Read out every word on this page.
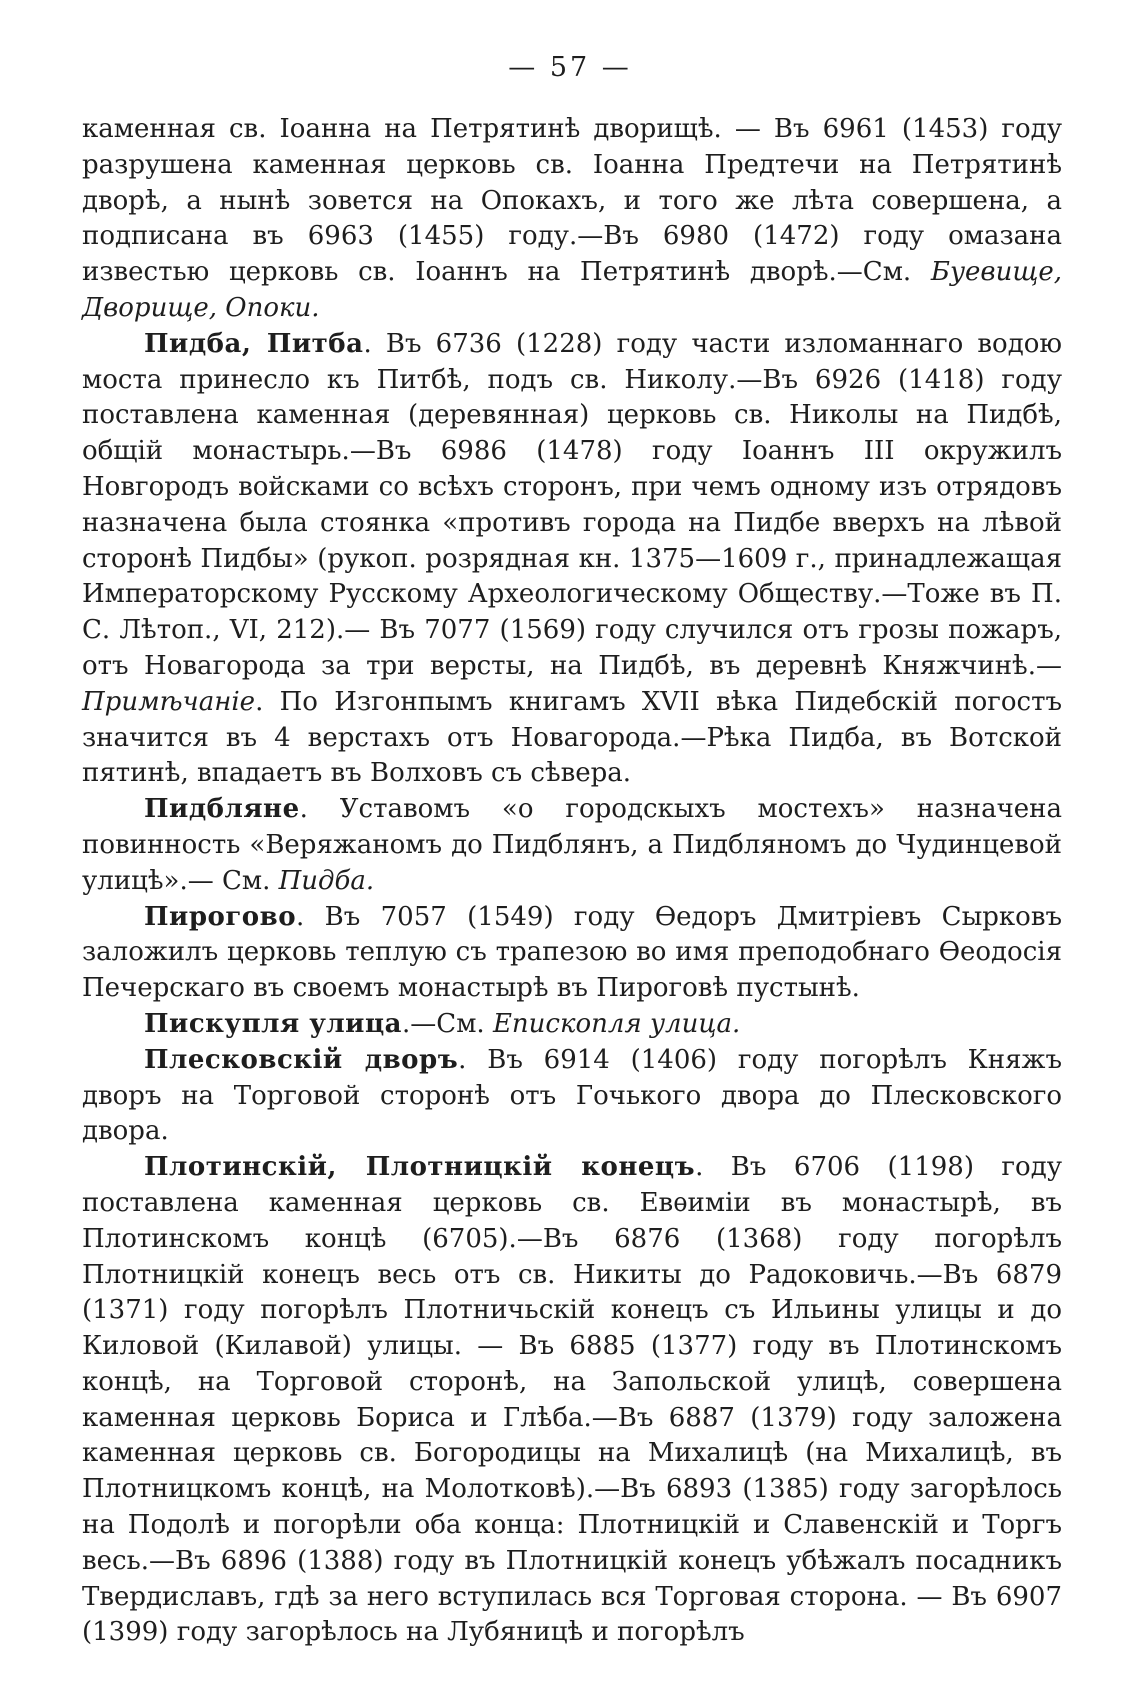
— 57 —

каменная св. Іоанна на Петрятинѣ дворищѣ. — Въ 6961 (1453) году разрушена каменная церковь св. Іоанна Предтечи на Петрятинѣ дворѣ, а нынѣ зовется на Опокахъ, и того же лѣта совершена, а подписана въ 6963 (1455) году.—Въ 6980 (1472) году омазана известью церковь св. Іоаннъ на Петрятинѣ дворѣ.—См. Буевище, Дворище, Опоки.

Пидба, Питба. Въ 6736 (1228) году части изломаннаго водою моста принесло къ Питбѣ, подъ св. Николу.—Въ 6926 (1418) году поставлена каменная (деревянная) церковь св. Николы на Пидбѣ, общій монастырь.—Въ 6986 (1478) году Іоаннъ III окружилъ Новгородъ войсками со всѣхъ сторонъ, при чемъ одному изъ отрядовъ назначена была стоянка «противъ города на Пидбе вверхъ на лѣвой сторонѣ Пидбы» (рукоп. розрядная кн. 1375—1609 г., принадлежащая Императорскому Русскому Археологическому Обществу.—Тоже въ П. С. Лѣтоп., VI, 212).— Въ 7077 (1569) году случился отъ грозы пожаръ, отъ Новагорода за три версты, на Пидбѣ, въ деревнѣ Княжчинѣ.—Примѣчаніе. По Изгонпымъ книгамъ XVII вѣка Пидебскій погостъ значится въ 4 верстахъ отъ Новагорода.—Рѣка Пидба, въ Вотской пятинѣ, впадаетъ въ Волховъ съ сѣвера.

Пидбляне. Уставомъ «о городскыхъ мостехъ» назначена повинность «Веряжаномъ до Пидблянъ, а Пидбляномъ до Чудинцевой улицѣ».— См. Пидба.

Пирогово. Въ 7057 (1549) году Ѳедоръ Дмитріевъ Сырковъ заложилъ церковь теплую съ трапезою во имя преподобнаго Ѳеодосія Печерскаго въ своемъ монастырѣ въ Пироговѣ пустынѣ.

Пискупля улица.—См. Епископля улица.

Плесковскій дворъ. Въ 6914 (1406) году погорѣлъ Княжъ дворъ на Торговой сторонѣ отъ Гочького двора до Плесковского двора.

Плотинскій, Плотницкій конецъ. Въ 6706 (1198) году поставлена каменная церковь св. Евѳиміи въ монастырѣ, въ Плотинскомъ концѣ (6705).—Въ 6876 (1368) году погорѣлъ Плотницкій конецъ весь отъ св. Никиты до Радоковичь.—Въ 6879 (1371) году погорѣлъ Плотничьскій конецъ съ Ильины улицы и до Киловой (Килавой) улицы. — Въ 6885 (1377) году въ Плотинскомъ концѣ, на Торговой сторонѣ, на Запольской улицѣ, совершена каменная церковь Бориса и Глѣба.—Въ 6887 (1379) году заложена каменная церковь св. Богородицы на Михалицѣ (на Михалицѣ, въ Плотницкомъ концѣ, на Молотковѣ).—Въ 6893 (1385) году загорѣлось на Подолѣ и погорѣли оба конца: Плотницкій и Славенскій и Торгъ весь.—Въ 6896 (1388) году въ Плотницкій конецъ убѣжалъ посадникъ Твердиславъ, гдѣ за него вступилась вся Торговая сторона. — Въ 6907 (1399) году загорѣлось на Лубяницѣ и погорѣлъ
